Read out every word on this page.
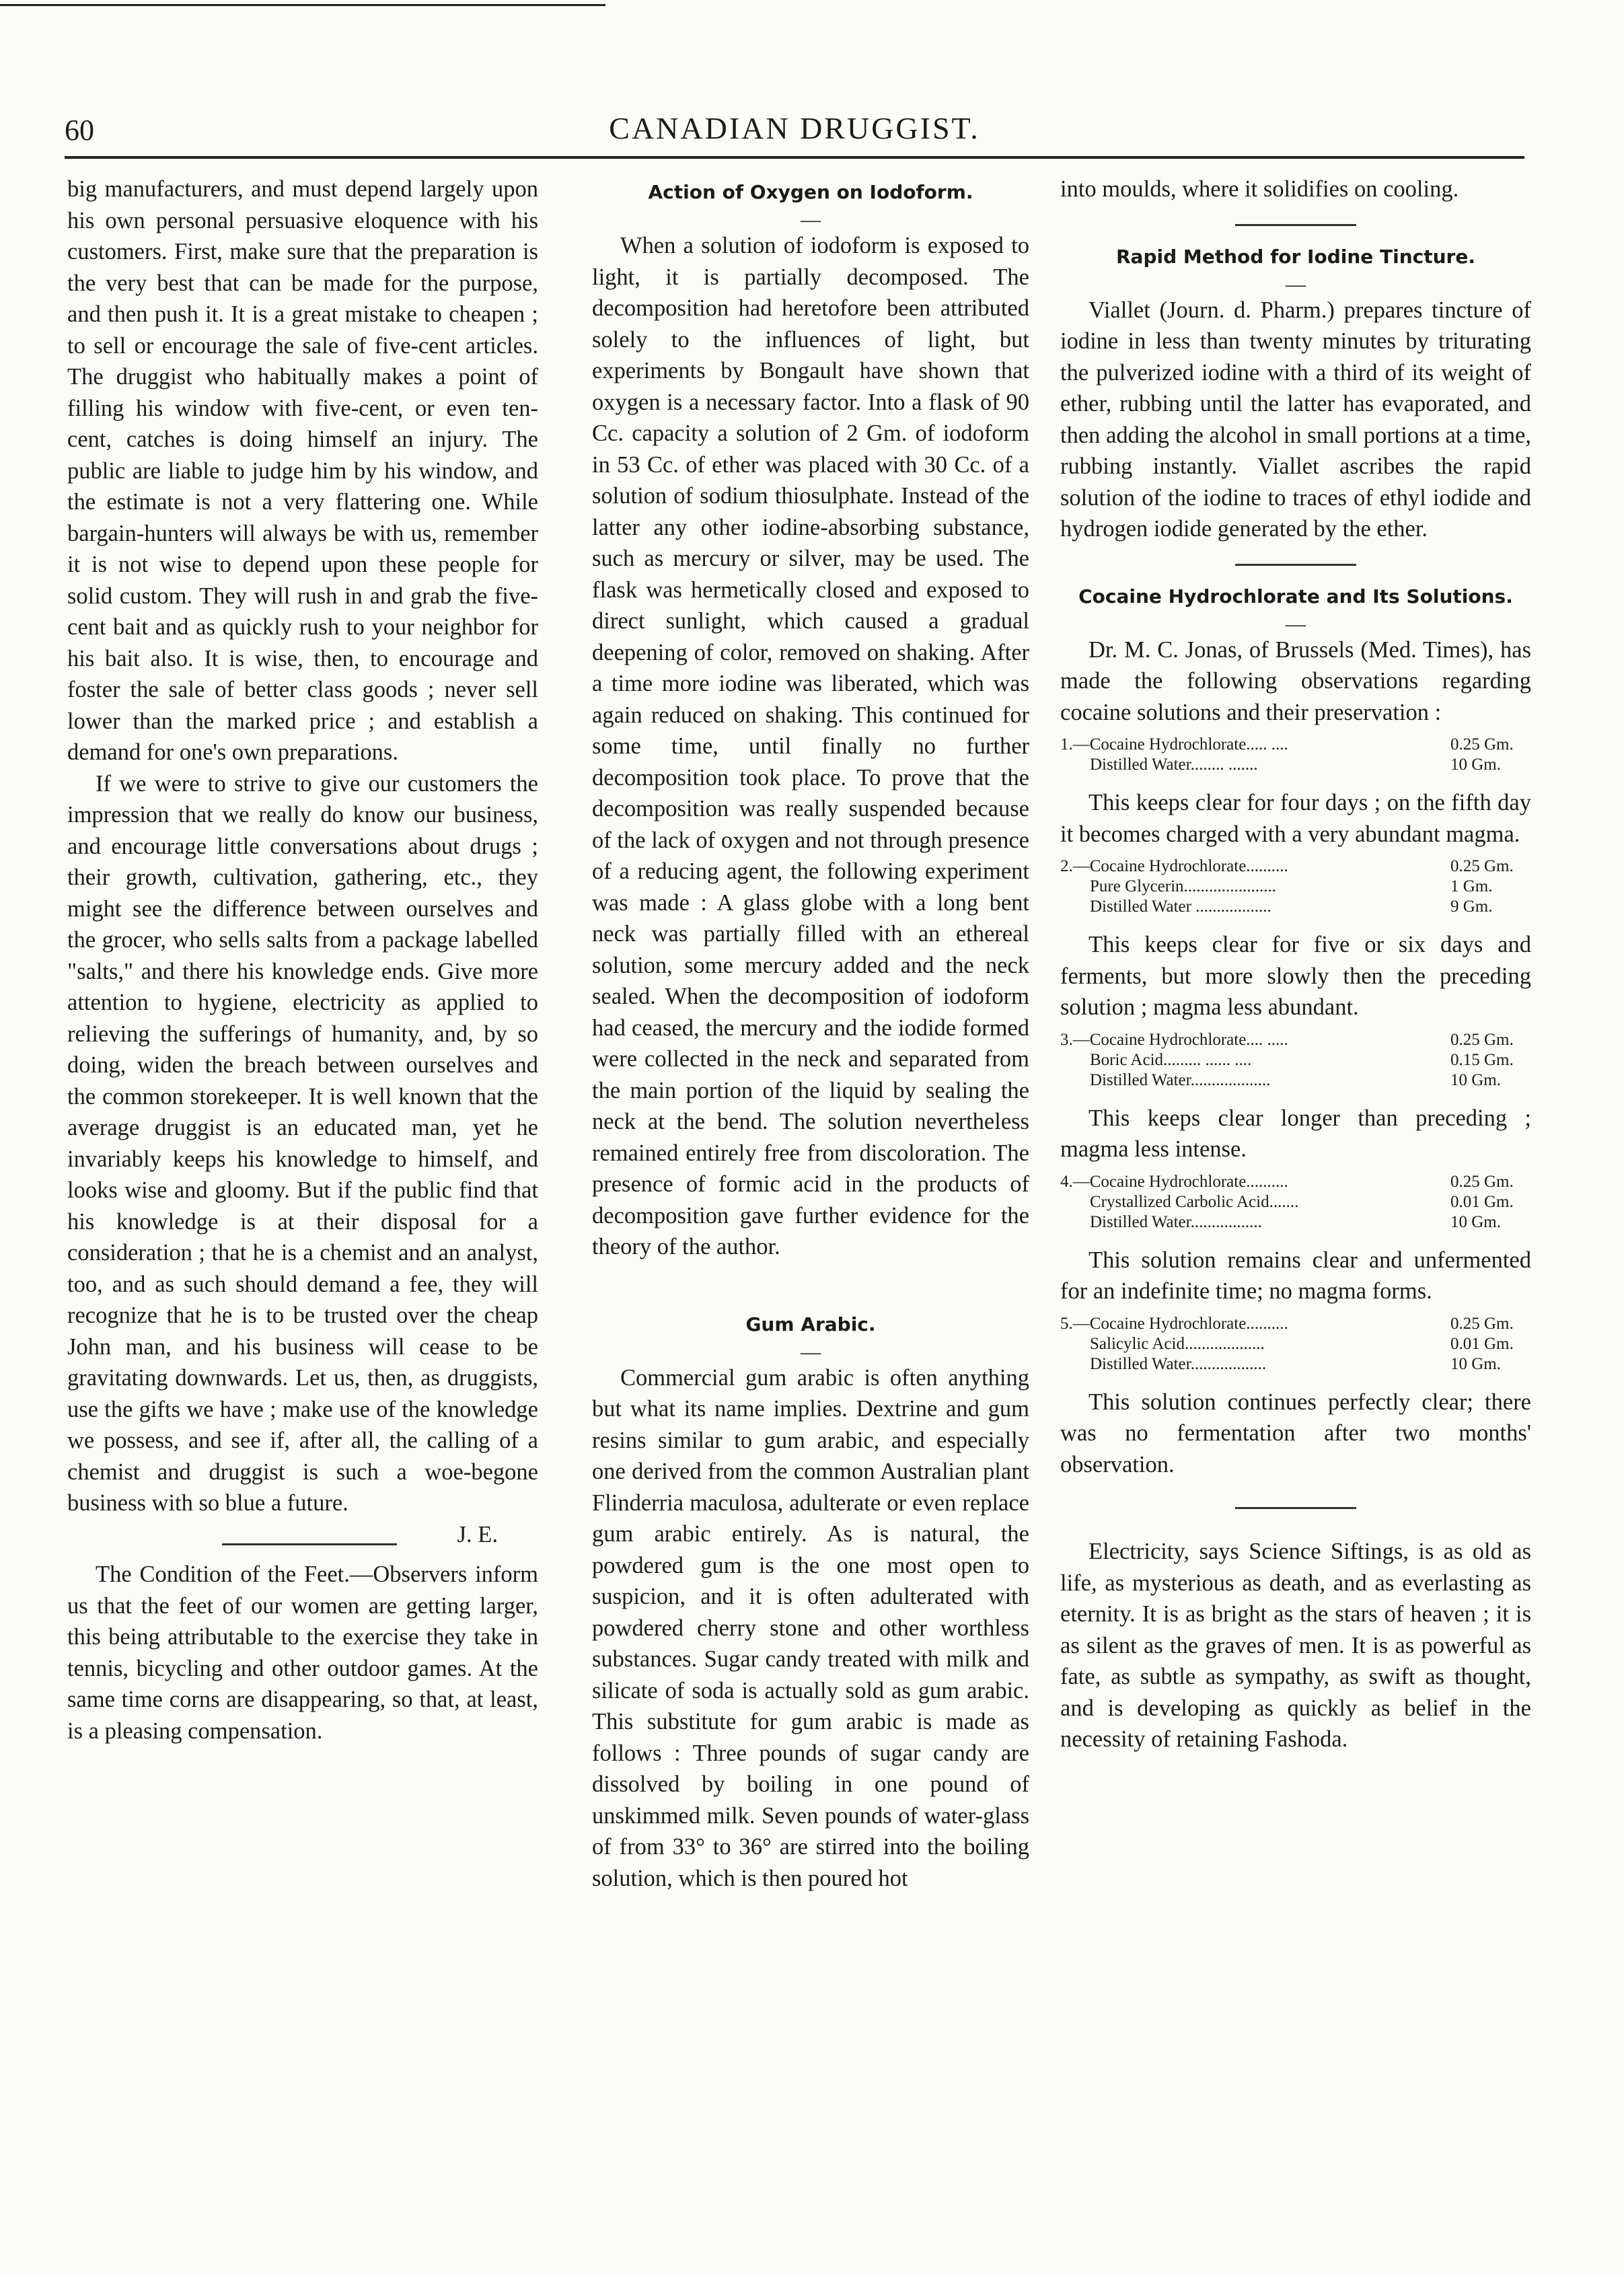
60	CANADIAN DRUGGIST.

big manufacturers, and must depend largely upon his own personal persuasive eloquence with his customers. First, make sure that the preparation is the very best that can be made for the purpose, and then push it. It is a great mistake to cheapen ; to sell or encourage the sale of five-cent articles. The druggist who habitually makes a point of filling his window with five-cent, or even ten-cent, catches is doing himself an injury. The public are liable to judge him by his window, and the estimate is not a very flattering one. While bargain-hunters will always be with us, remember it is not wise to depend upon these people for solid custom. They will rush in and grab the five-cent bait and as quickly rush to your neighbor for his bait also. It is wise, then, to encourage and foster the sale of better class goods ; never sell lower than the marked price ; and establish a demand for one's own preparations.

If we were to strive to give our customers the impression that we really do know our business, and encourage little conversations about drugs ; their growth, cultivation, gathering, etc., they might see the difference between ourselves and the grocer, who sells salts from a package labelled "salts," and there his knowledge ends. Give more attention to hygiene, electricity as applied to relieving the sufferings of humanity, and, by so doing, widen the breach between ourselves and the common storekeeper. It is well known that the average druggist is an educated man, yet he invariably keeps his knowledge to himself, and looks wise and gloomy. But if the public find that his knowledge is at their disposal for a consideration ; that he is a chemist and an analyst, too, and as such should demand a fee, they will recognize that he is to be trusted over the cheap John man, and his business will cease to be gravitating downwards. Let us, then, as druggists, use the gifts we have ; make use of the knowledge we possess, and see if, after all, the calling of a chemist and druggist is such a woe-begone business with so blue a future.

J. E.

The Condition of the Feet.—Observers inform us that the feet of our women are getting larger, this being attributable to the exercise they take in tennis, bicycling and other outdoor games. At the same time corns are disappearing, so that, at least, is a pleasing compensation.

Action of Oxygen on Iodoform.
—

When a solution of iodoform is exposed to light, it is partially decomposed. The decomposition had heretofore been attributed solely to the influences of light, but experiments by Bongault have shown that oxygen is a necessary factor. Into a flask of 90 Cc. capacity a solution of 2 Gm. of iodoform in 53 Cc. of ether was placed with 30 Cc. of a solution of sodium thiosulphate. Instead of the latter any other iodine-absorbing substance, such as mercury or silver, may be used. The flask was hermetically closed and exposed to direct sunlight, which caused a gradual deepening of color, removed on shaking. After a time more iodine was liberated, which was again reduced on shaking. This continued for some time, until finally no further decomposition took place. To prove that the decomposition was really suspended because of the lack of oxygen and not through presence of a reducing agent, the following experiment was made : A glass globe with a long bent neck was partially filled with an ethereal solution, some mercury added and the neck sealed. When the decomposition of iodoform had ceased, the mercury and the iodide formed were collected in the neck and separated from the main portion of the liquid by sealing the neck at the bend. The solution nevertheless remained entirely free from discoloration. The presence of formic acid in the products of decomposition gave further evidence for the theory of the author.

Gum Arabic.
—

Commercial gum arabic is often anything but what its name implies. Dextrine and gum resins similar to gum arabic, and especially one derived from the common Australian plant Flinderria maculosa, adulterate or even replace gum arabic entirely. As is natural, the powdered gum is the one most open to suspicion, and it is often adulterated with powdered cherry stone and other worthless substances. Sugar candy treated with milk and silicate of soda is actually sold as gum arabic. This substitute for gum arabic is made as follows : Three pounds of sugar candy are dissolved by boiling in one pound of unskimmed milk. Seven pounds of water-glass of from 33° to 36° are stirred into the boiling solution, which is then poured hot

into moulds, where it solidifies on cooling.

Rapid Method for Iodine Tincture.
—

Viallet (Journ. d. Pharm.) prepares tincture of iodine in less than twenty minutes by triturating the pulverized iodine with a third of its weight of ether, rubbing until the latter has evaporated, and then adding the alcohol in small portions at a time, rubbing instantly. Viallet ascribes the rapid solution of the iodine to traces of ethyl iodide and hydrogen iodide generated by the ether.

Cocaine Hydrochlorate and Its Solutions.
—

Dr. M. C. Jonas, of Brussels (Med. Times), has made the following observations regarding cocaine solutions and their preservation :

1.—Cocaine Hydrochlorate..... ....	0.25 Gm.
Distilled Water........ .......	10 Gm.

This keeps clear for four days ; on the fifth day it becomes charged with a very abundant magma.

2.—Cocaine Hydrochlorate..........	0.25 Gm.
Pure Glycerin......................	1 Gm.
Distilled Water ..................	9 Gm.

This keeps clear for five or six days and ferments, but more slowly then the preceding solution ; magma less abundant.

3.—Cocaine Hydrochlorate.... .....	0.25 Gm.
Boric Acid......... ...... ....	0.15 Gm.
Distilled Water...................	10 Gm.

This keeps clear longer than preceding ; magma less intense.

4.—Cocaine Hydrochlorate..........	0.25 Gm.
Crystallized Carbolic Acid.......	0.01 Gm.
Distilled Water.................	10 Gm.

This solution remains clear and unfermented for an indefinite time; no magma forms.

5.—Cocaine Hydrochlorate..........	0.25 Gm.
Salicylic Acid...................	0.01 Gm.
Distilled Water..................	10 Gm.

This solution continues perfectly clear; there was no fermentation after two months' observation.

Electricity, says Science Siftings, is as old as life, as mysterious as death, and as everlasting as eternity. It is as bright as the stars of heaven ; it is as silent as the graves of men. It is as powerful as fate, as subtle as sympathy, as swift as thought, and is developing as quickly as belief in the necessity of retaining Fashoda.
